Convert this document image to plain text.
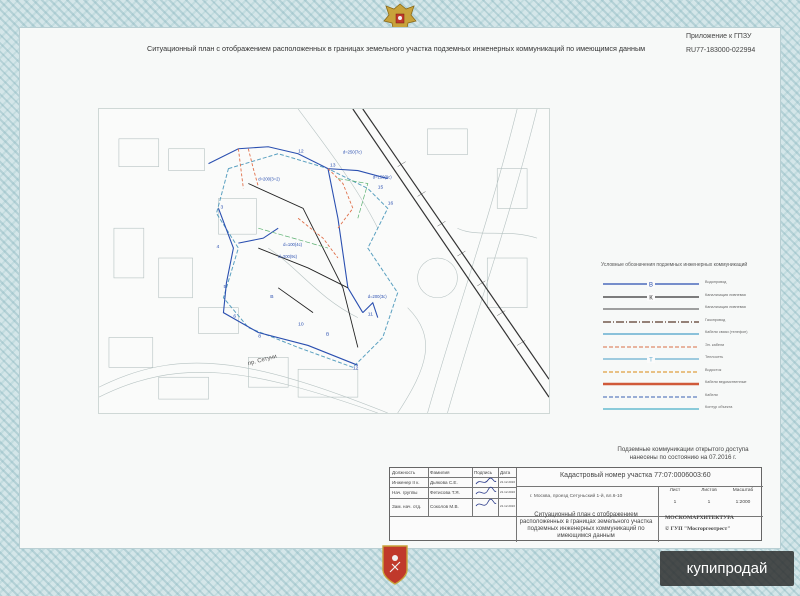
Ситуационный план с отображением расположенных в границах земельного участка подземных инженерных коммуникаций по имеющимся данным
Приложение к ГПЗУ
RU77-183000-022994
12
13
15
16
3
4
5
6
8
10
12
11
В
В
d=250(7c)
d=150(9c)
d=200(3=2)
d=100(4c)
d=200(9c)
d=200(3c)
пр. Сетуни
Условные обозначения подземных инженерных коммуникаций
В
Водопровод
К
Канализация ливневая
Канализация ливневая
Газопровод
Кабели связи (телефон)
Эл. кабели
Т
Теплосеть
Водосток
Кабели ведомственные
Кабели
Контур объекта
Подземные коммуникации открытого доступа
нанесены по состоянию на 07.2016 г.
Должность	Фамилия	Подпись	Дата
Инженер II к.	Дьякова С.Е.	21.12.2016
Нач. группы	Фетисова Т.Я.	21.12.2016
Зам. нач. отд.	Соколов М.В.	21.12.2016
Кадастровый номер участка 77:07:0006003:60
г. Москва, проезд Сетуньский 1-й, вл.6-10
Лист	Листов	Масштаб
1	1	1:2000
Ситуационный план с отображением расположенных в границах земельного участка подземных инженерных коммуникаций по имеющимся данным
МОСКОМАРХИТЕКТУРА
© ГУП "Мосгоргеотрест"
купипродай
